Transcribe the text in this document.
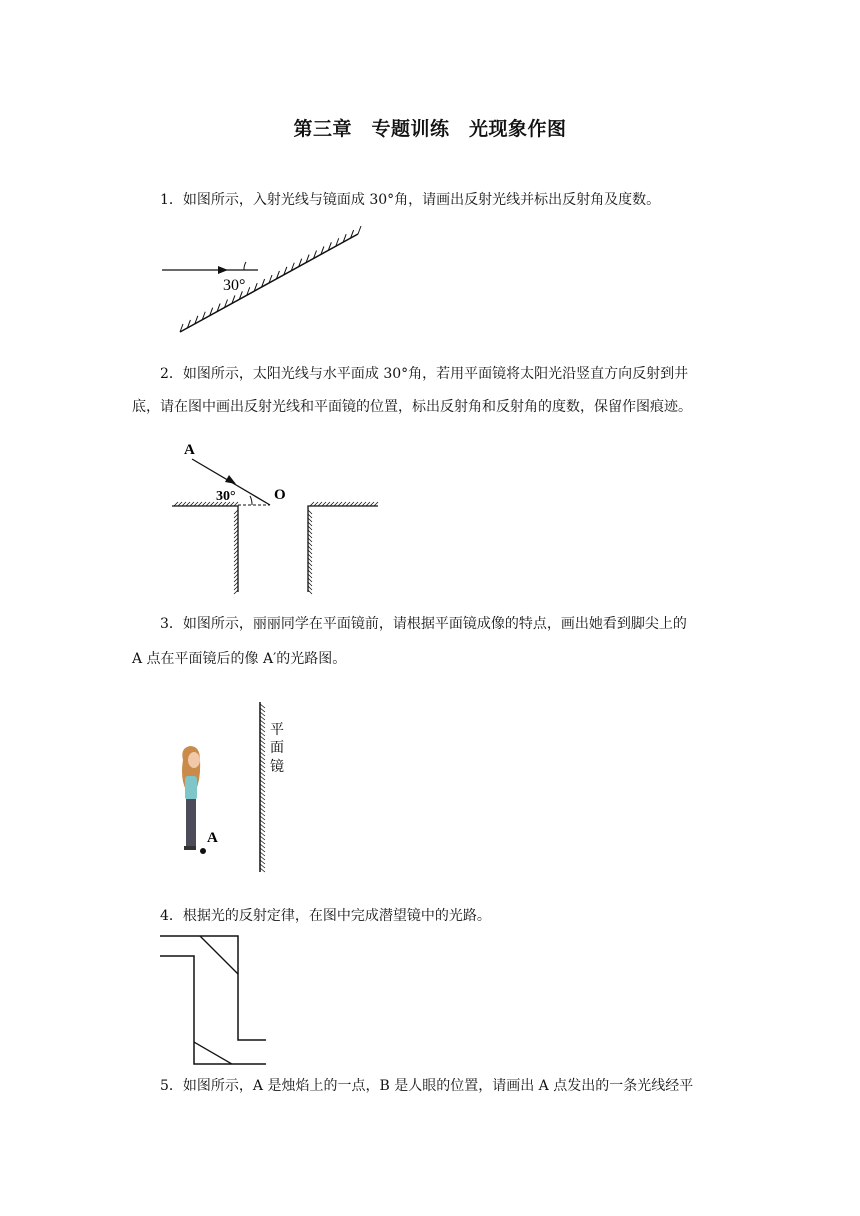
第三章　专题训练　光现象作图
1．如图所示，入射光线与镜面成 30°角，请画出反射光线并标出反射角及度数。
30°
2．如图所示，太阳光线与水平面成 30°角，若用平面镜将太阳光沿竖直方向反射到井
底，请在图中画出反射光线和平面镜的位置，标出反射角和反射角的度数，保留作图痕迹。
A
30°	O
3．如图所示，丽丽同学在平面镜前，请根据平面镜成像的特点，画出她看到脚尖上的
A 点在平面镜后的像 A′的光路图。
A
平
面
镜
4．根据光的反射定律，在图中完成潜望镜中的光路。
5．如图所示，A 是烛焰上的一点，B 是人眼的位置，请画出 A 点发出的一条光线经平
